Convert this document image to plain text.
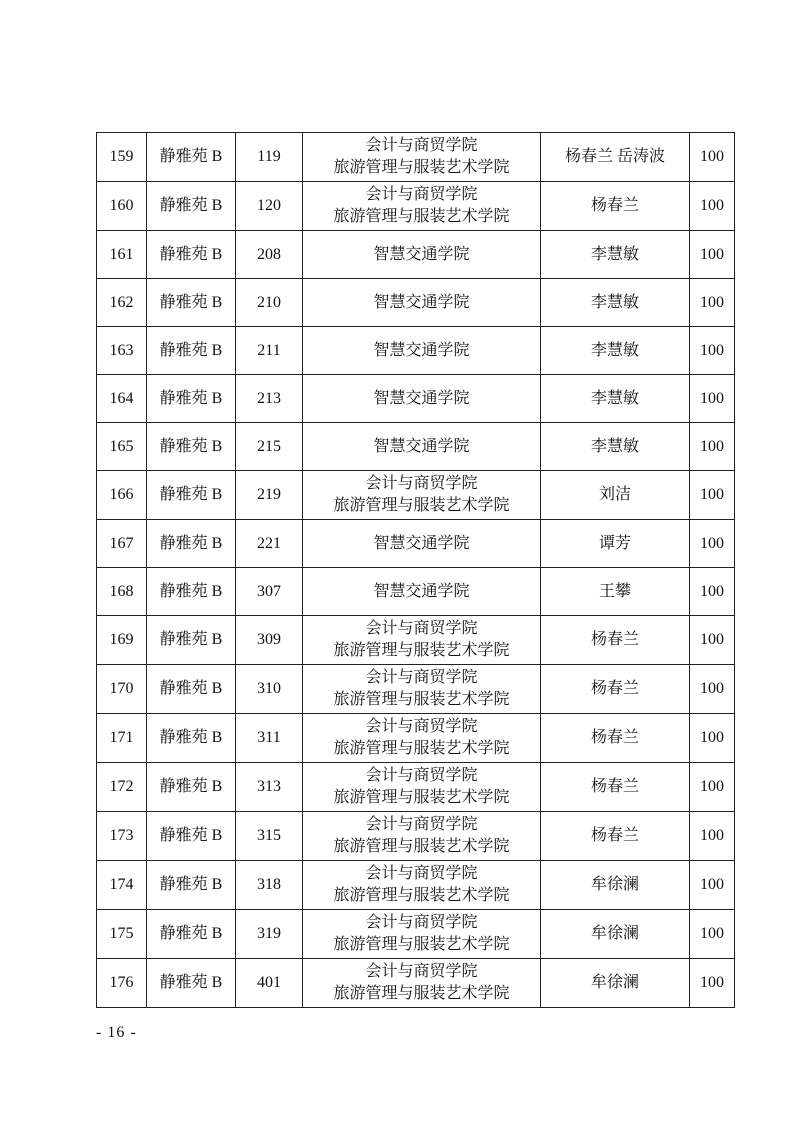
159	静雅苑 B	119	会计与商贸学院
旅游管理与服装艺术学院	杨春兰 岳涛波	100
160	静雅苑 B	120	会计与商贸学院
旅游管理与服装艺术学院	杨春兰	100
161	静雅苑 B	208	智慧交通学院	李慧敏	100
162	静雅苑 B	210	智慧交通学院	李慧敏	100
163	静雅苑 B	211	智慧交通学院	李慧敏	100
164	静雅苑 B	213	智慧交通学院	李慧敏	100
165	静雅苑 B	215	智慧交通学院	李慧敏	100
166	静雅苑 B	219	会计与商贸学院
旅游管理与服装艺术学院	刘洁	100
167	静雅苑 B	221	智慧交通学院	谭芳	100
168	静雅苑 B	307	智慧交通学院	王攀	100
169	静雅苑 B	309	会计与商贸学院
旅游管理与服装艺术学院	杨春兰	100
170	静雅苑 B	310	会计与商贸学院
旅游管理与服装艺术学院	杨春兰	100
171	静雅苑 B	311	会计与商贸学院
旅游管理与服装艺术学院	杨春兰	100
172	静雅苑 B	313	会计与商贸学院
旅游管理与服装艺术学院	杨春兰	100
173	静雅苑 B	315	会计与商贸学院
旅游管理与服装艺术学院	杨春兰	100
174	静雅苑 B	318	会计与商贸学院
旅游管理与服装艺术学院	牟徐澜	100
175	静雅苑 B	319	会计与商贸学院
旅游管理与服装艺术学院	牟徐澜	100
176	静雅苑 B	401	会计与商贸学院
旅游管理与服装艺术学院	牟徐澜	100
- 16 -
